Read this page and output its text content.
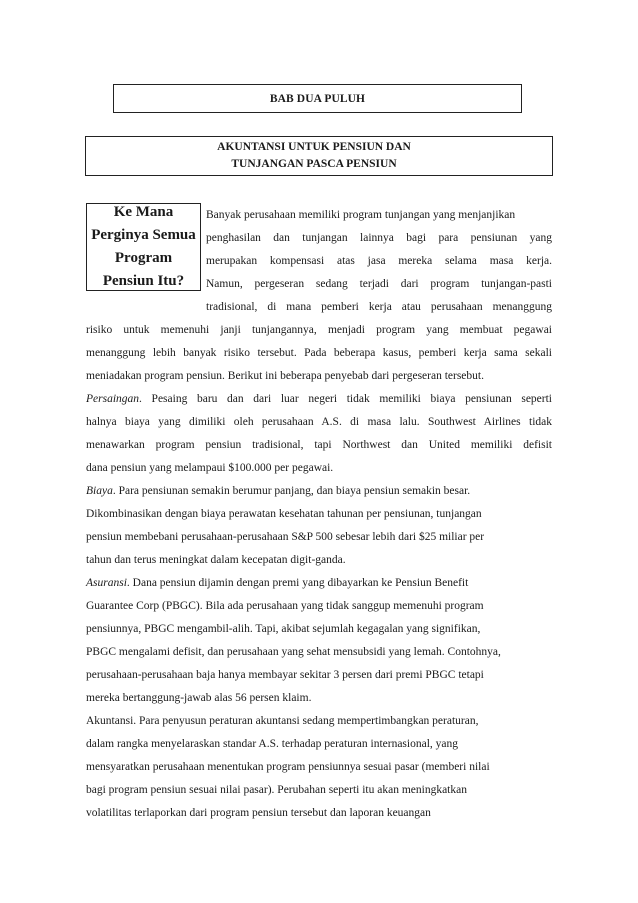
BAB DUA PULUH
AKUNTANSI UNTUK PENSIUN DAN
TUNJANGAN PASCA PENSIUN
Ke Mana
Perginya Semua
Program
Pensiun Itu?
Banyak perusahaan memiliki program tunjangan yang menjanjikan
penghasilan dan tunjangan lainnya bagi para pensiunan yang
merupakan kompensasi atas jasa mereka selama masa kerja.
Namun, pergeseran sedang terjadi dari program tunjangan-pasti
tradisional, di mana pemberi kerja atau perusahaan menanggung
risiko untuk memenuhi janji tunjangannya, menjadi program yang membuat pegawai
menanggung lebih banyak risiko tersebut. Pada beberapa kasus, pemberi kerja sama sekali
meniadakan program pensiun. Berikut ini beberapa penyebab dari pergeseran tersebut.
Persaingan. Pesaing baru dan dari luar negeri tidak memiliki biaya pensiunan seperti
halnya biaya yang dimiliki oleh perusahaan A.S. di masa lalu. Southwest Airlines tidak
menawarkan program pensiun tradisional, tapi Northwest dan United memiliki defisit
dana pensiun yang melampaui $100.000 per pegawai.
Biaya. Para pensiunan semakin berumur panjang, dan biaya pensiun semakin besar.
Dikombinasikan dengan biaya perawatan kesehatan tahunan per pensiunan, tunjangan
pensiun membebani perusahaan-perusahaan S&P 500 sebesar lebih dari $25 miliar per
tahun dan terus meningkat dalam kecepatan digit-ganda.
Asuransi. Dana pensiun dijamin dengan premi yang dibayarkan ke Pensiun Benefit
Guarantee Corp (PBGC). Bila ada perusahaan yang tidak sanggup memenuhi program
pensiunnya, PBGC mengambil-alih. Tapi, akibat sejumlah kegagalan yang signifikan,
PBGC mengalami defisit, dan perusahaan yang sehat mensubsidi yang lemah. Contohnya,
perusahaan-perusahaan baja hanya membayar sekitar 3 persen dari premi PBGC tetapi
mereka bertanggung-jawab alas 56 persen klaim.
Akuntansi. Para penyusun peraturan akuntansi sedang mempertimbangkan peraturan,
dalam rangka menyelaraskan standar A.S. terhadap peraturan internasional, yang
mensyaratkan perusahaan menentukan program pensiunnya sesuai pasar (memberi nilai
bagi program pensiun sesuai nilai pasar). Perubahan seperti itu akan meningkatkan
volatilitas terlaporkan dari program pensiun tersebut dan laporan keuangan
